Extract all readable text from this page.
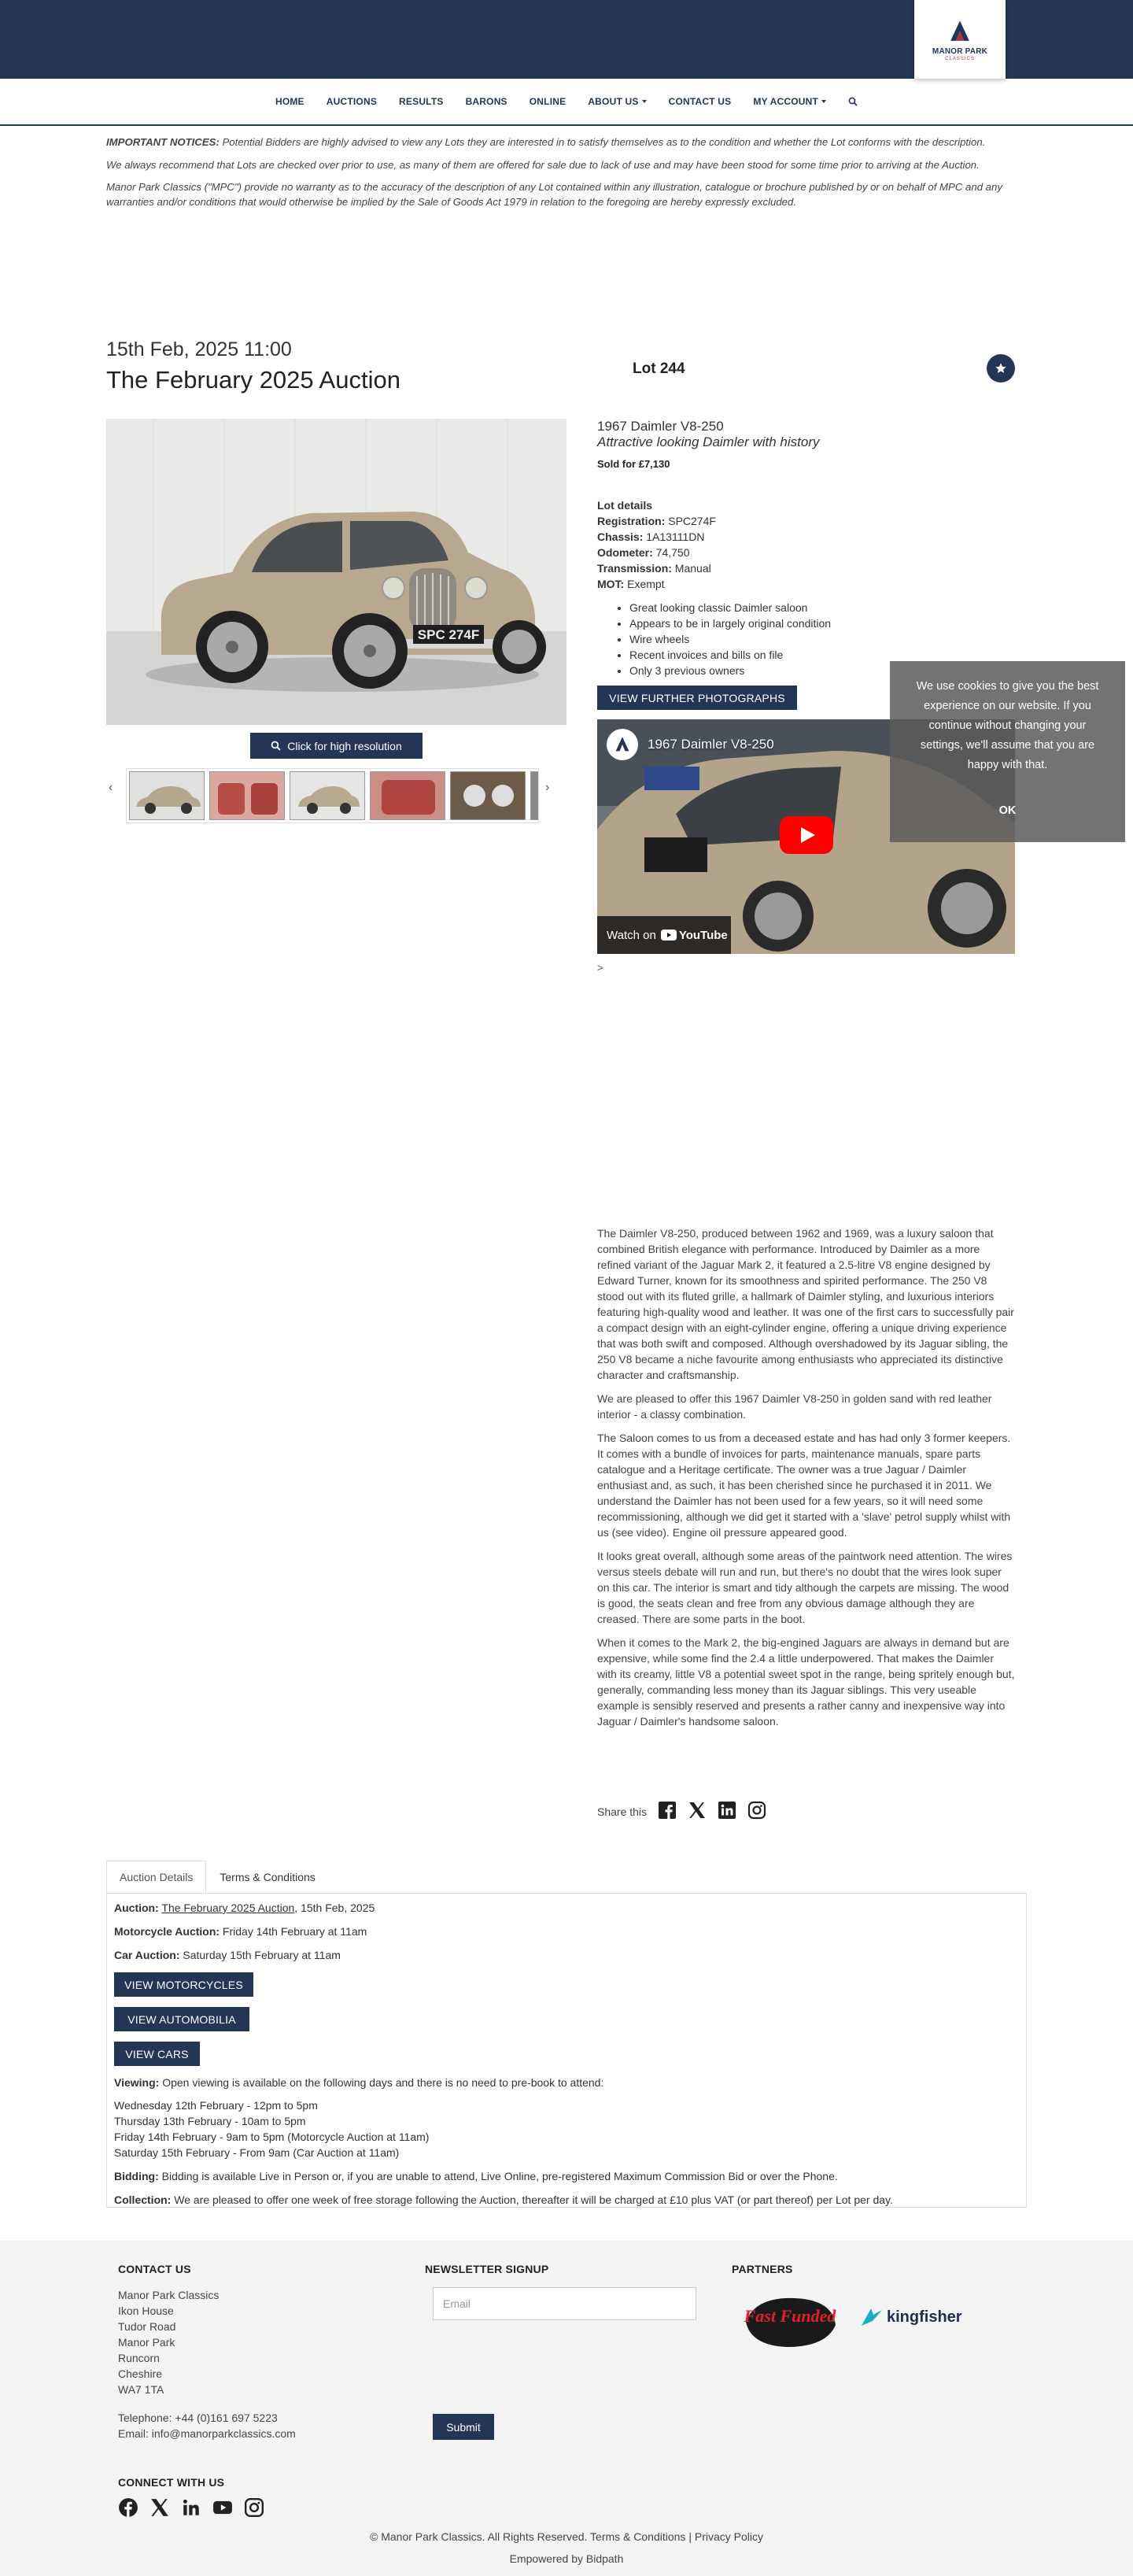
MANOR PARK
CLASSICS
HOME	AUCTIONS	RESULTS	BARONS	ONLINE	ABOUT US	CONTACT US	MY ACCOUNT

IMPORTANT NOTICES: Potential Bidders are highly advised to view any Lots they are interested in to satisfy themselves as to the condition and whether the Lot conforms with the description.

We always recommend that Lots are checked over prior to use, as many of them are offered for sale due to lack of use and may have been stood for some time prior to arriving at the Auction.

Manor Park Classics ("MPC") provide no warranty as to the accuracy of the description of any Lot contained within any illustration, catalogue or brochure published by or on behalf of MPC and any warranties and/or conditions that would otherwise be implied by the Sale of Goods Act 1979 in relation to the foregoing are hereby expressly excluded.

15th Feb, 2025 11:00
The February 2025 Auction	Lot 244
SPC 274F
Click for high resolution
‹	›
1967 Daimler V8-250
Attractive looking Daimler with history
Sold for £7,130
Lot details
Registration: SPC274F
Chassis: 1A13111DN
Odometer: 74,750
Transmission: Manual
MOT: Exempt
• Great looking classic Daimler saloon
• Appears to be in largely original condition
• Wire wheels
• Recent invoices and bills on file
• Only 3 previous owners
VIEW FURTHER PHOTOGRAPHS
1967 Daimler V8-250
Watch on YouTube
>

The Daimler V8-250, produced between 1962 and 1969, was a luxury saloon that combined British elegance with performance. Introduced by Daimler as a more refined variant of the Jaguar Mark 2, it featured a 2.5-litre V8 engine designed by Edward Turner, known for its smoothness and spirited performance. The 250 V8 stood out with its fluted grille, a hallmark of Daimler styling, and luxurious interiors featuring high-quality wood and leather. It was one of the first cars to successfully pair a compact design with an eight-cylinder engine, offering a unique driving experience that was both swift and composed. Although overshadowed by its Jaguar sibling, the 250 V8 became a niche favourite among enthusiasts who appreciated its distinctive character and craftsmanship.

We are pleased to offer this 1967 Daimler V8-250 in golden sand with red leather interior - a classy combination.

The Saloon comes to us from a deceased estate and has had only 3 former keepers. It comes with a bundle of invoices for parts, maintenance manuals, spare parts catalogue and a Heritage certificate. The owner was a true Jaguar / Daimler enthusiast and, as such, it has been cherished since he purchased it in 2011. We understand the Daimler has not been used for a few years, so it will need some recommissioning, although we did get it started with a 'slave' petrol supply whilst with us (see video). Engine oil pressure appeared good.

It looks great overall, although some areas of the paintwork need attention. The wires versus steels debate will run and run, but there's no doubt that the wires look super on this car. The interior is smart and tidy although the carpets are missing. The wood is good, the seats clean and free from any obvious damage although they are creased. There are some parts in the boot.

When it comes to the Mark 2, the big-engined Jaguars are always in demand but are expensive, while some find the 2.4 a little underpowered. That makes the Daimler with its creamy, little V8 a potential sweet spot in the range, being spritely enough but, generally, commanding less money than its Jaguar siblings. This very useable example is sensibly reserved and presents a rather canny and inexpensive way into Jaguar / Daimler's handsome saloon.

Share this
Auction Details	Terms & Conditions
Auction: The February 2025 Auction, 15th Feb, 2025
Motorcycle Auction: Friday 14th February at 11am
Car Auction: Saturday 15th February at 11am
VIEW MOTORCYCLES
VIEW AUTOMOBILIA
VIEW CARS
Viewing: Open viewing is available on the following days and there is no need to pre-book to attend:
Wednesday 12th February - 12pm to 5pm
Thursday 13th February - 10am to 5pm
Friday 14th February - 9am to 5pm (Motorcycle Auction at 11am)
Saturday 15th February - From 9am (Car Auction at 11am)
Bidding: Bidding is available Live in Person or, if you are unable to attend, Live Online, pre-registered Maximum Commission Bid or over the Phone.
Collection: We are pleased to offer one week of free storage following the Auction, thereafter it will be charged at £10 plus VAT (or part thereof) per Lot per day.
CONTACT US
Manor Park Classics
Ikon House
Tudor Road
Manor Park
Runcorn
Cheshire
WA7 1TA
Telephone: +44 (0)161 697 5223
Email: info@manorparkclassics.com
NEWSLETTER SIGNUP
Email
Submit
PARTNERS
Fast Funded	kingfisher
CONNECT WITH US
© Manor Park Classics. All Rights Reserved. Terms & Conditions | Privacy Policy
Empowered by Bidpath
We use cookies to give you the best experience on our website. If you continue without changing your settings, we'll assume that you are happy with that.
OK
